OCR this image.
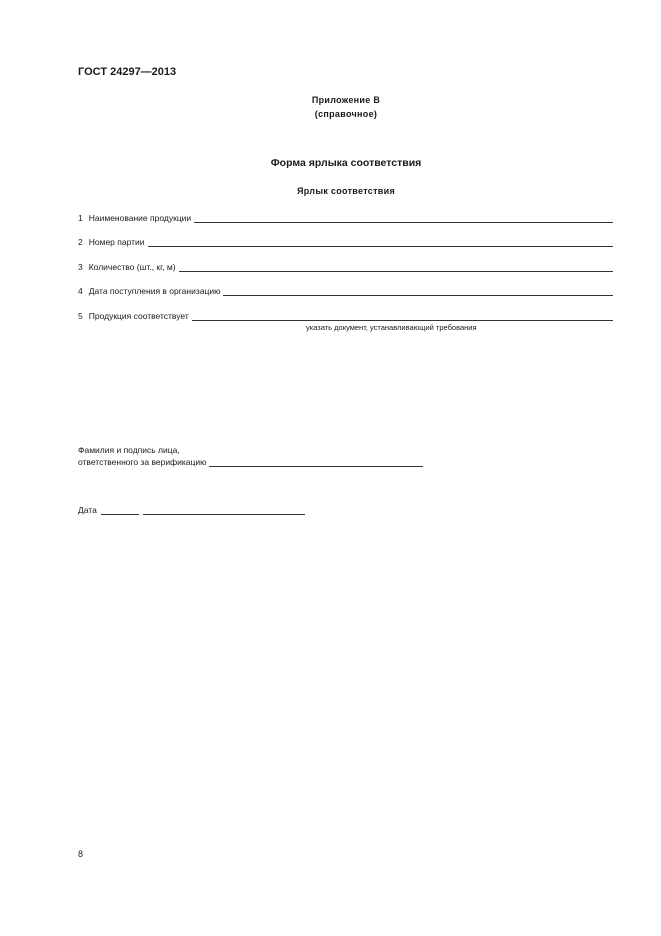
ГОСТ 24297—2013
Приложение В
(справочное)
Форма ярлыка соответствия
Ярлык соответствия
1 Наименование продукции
2 Номер партии
3 Количество (шт., кг, м)
4 Дата поступления в организацию
5 Продукция соответствует
указать документ, устанавливающий требования
Фамилия и подпись лица,
ответственного за верификацию
Дата
8
